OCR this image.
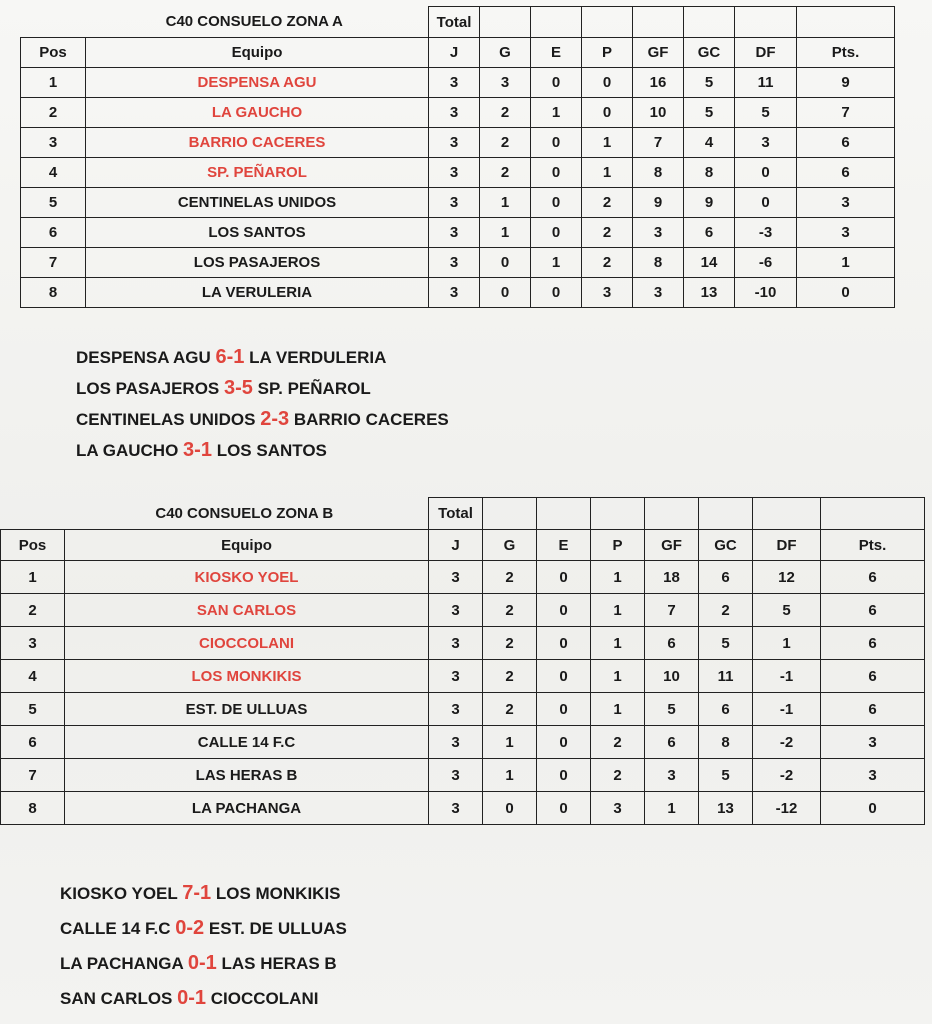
C40 CONSUELO ZONA A		Total							
Pos	Equipo	J	G	E	P	GF	GC	DF	Pts.
1	DESPENSA AGU	3	3	0	0	16	5	11	9
2	LA GAUCHO	3	2	1	0	10	5	5	7
3	BARRIO CACERES	3	2	0	1	7	4	3	6
4	SP. PEÑAROL	3	2	0	1	8	8	0	6
5	CENTINELAS UNIDOS	3	1	0	2	9	9	0	3
6	LOS SANTOS	3	1	0	2	3	6	-3	3
7	LOS PASAJEROS	3	0	1	2	8	14	-6	1
8	LA VERULERIA	3	0	0	3	3	13	-10	0
DESPENSA AGU 6-1 LA VERDULERIA
LOS PASAJEROS 3-5 SP. PEÑAROL
CENTINELAS UNIDOS 2-3 BARRIO CACERES
LA GAUCHO 3-1 LOS SANTOS
C40 CONSUELO ZONA B		Total							
Pos	Equipo	J	G	E	P	GF	GC	DF	Pts.
1	KIOSKO YOEL	3	2	0	1	18	6	12	6
2	SAN CARLOS	3	2	0	1	7	2	5	6
3	CIOCCOLANI	3	2	0	1	6	5	1	6
4	LOS MONKIKIS	3	2	0	1	10	11	-1	6
5	EST. DE ULLUAS	3	2	0	1	5	6	-1	6
6	CALLE 14 F.C	3	1	0	2	6	8	-2	3
7	LAS HERAS B	3	1	0	2	3	5	-2	3
8	LA PACHANGA	3	0	0	3	1	13	-12	0
KIOSKO YOEL 7-1 LOS MONKIKIS
CALLE 14 F.C 0-2 EST. DE ULLUAS
LA PACHANGA 0-1 LAS HERAS B
SAN CARLOS 0-1 CIOCCOLANI
